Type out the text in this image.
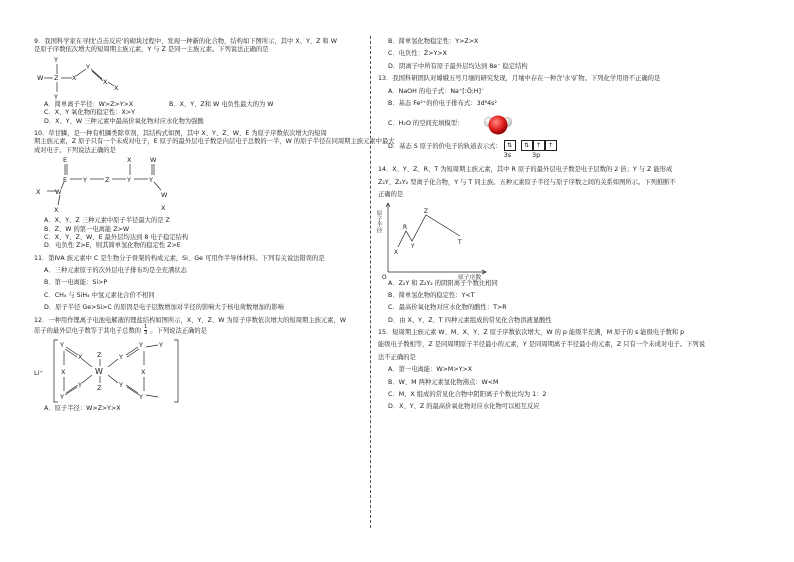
9．我国科学家在寻找'点击反应'的砌块过程中，发现一种新的化合物，结构如下图所示，其中 X、Y、Z 和 W
是原子序数依次增大的短周期主族元素，Y 与 Z 是同一主族元素。下列说法正确的是
Y
W Z
Y
X
Y
X
X
A．简单离子半径：W>Z>Y>X	B．X、Y、Z和 W 电负性最大的为 W
C．X、Y 氧化物的稳定性：X>Y
D．X、Y、W 三种元素中最高价氧化物对应水化物为强酸
10．草甘膦，是一种有机膦类除草剂，其结构式如图，其中 X、Y、Z、W、E 为原子序数依次增大的短周
期主族元素，Z 原子只有一个未成对电子，E 原子的最外层电子数是内层电子总数的一半，W 的原子半径在同周期主族元素中最大
成对电子。下列说法正确的是
E
X W
E Y	Z	Y	Y
W
X
X
W
X
A．X、Y、Z 三种元素中原子半径最大的是 Z
B．Z、W 的第一电离能 Z>W
C．X、Y、Z、W、E 最外层均达到 8 电子稳定结构
D．电负性 Z>E，则其简单氢化物的稳定性 Z>E
11．第ⅣA 族元素中 C 是生物分子骨架的构成元素，Si、Ge 可用作半导体材料。下列有关说法错误的是
A．三种元素原子的次外层电子排布均是全充满状态
B．第一电离能：Si>P
C．CH₄ 与 SiH₄ 中氢元素化合价不相同
D．原子半径 Ge>Si>C 的原因是电子层数增加对半径的影响大于核电荷数增加的影响
12．一种用作锂离子电池电解液的锂盐结构如图所示，X、Y、Z、W 为原子序数依次增大的短周期主族元素，W
原子的最外层电子数等于其电子总数的 $\frac{1}{3}$ 。下列说法正确的是
Li⁺
Y
X
Y
X
Y
Z
W
Z
Y
Y
X
Y
Y
Y
A．原子半径：W>Z>Y>X
B．简单氢化物稳定性：Y>Z>X
C．电负性：Z>Y>X
D．阴离子中所有原子最外层均达到 8e⁻ 稳定结构
13．我国科研团队对嫦娥五号月壤的研究发现，月壤中存在一种含'水'矿物。下列化学用语不正确的是
A．NaOH 的电子式：Na⁺[:Ö:H]⁻
B．基态 Fe²⁺的价电子排布式：3d⁶4s²
C．H₂O 的空间充填模型：
D．基态 S 原子的价电子的轨道表示式： ⇅	⇅	↑	↑
3s	3p
14．X、Y、Z、R、T 为短周期主族元素，其中 R 原子的最外层电子数是电子层数的 2 倍；Y 与 Z 能形成
Z₂Y、Z₂Y₂ 型离子化合物，Y 与 T 同主族。五种元素原子半径与原子序数之间的关系如图所示。下列推断不
正确的是
原子半径
原子序数
O
X
Y
R
Z
T
A．Z₂Y 和 Z₂Y₂ 的阴阳离子个数比相同
B．简单氢化物的稳定性：Y<T
C．最高价氧化物对应水化物的酸性：T>R
D．由 X、Y、Z、T 四种元素组成的常见化合物溶液显酸性
15．短周期主族元素 W、M、X、Y、Z 原子序数依次增大，W 的 p 能级半充满，M 原子的 s 能级电子数和 p
能级电子数相等，Z 是同周期原子半径最小的元素，Y 是同周期离子半径最小的元素，Z 只有一个未成对电子。下列说
法不正确的是
A．第一电离能：W>M>Y>X
B．W、M 两种元素氢化物沸点：W<M
C．M、X 组成的常见化合物中阴阳离子个数比均为 1：2
D．X、Y、Z 的最高价氧化物对应水化物可以相互反应
